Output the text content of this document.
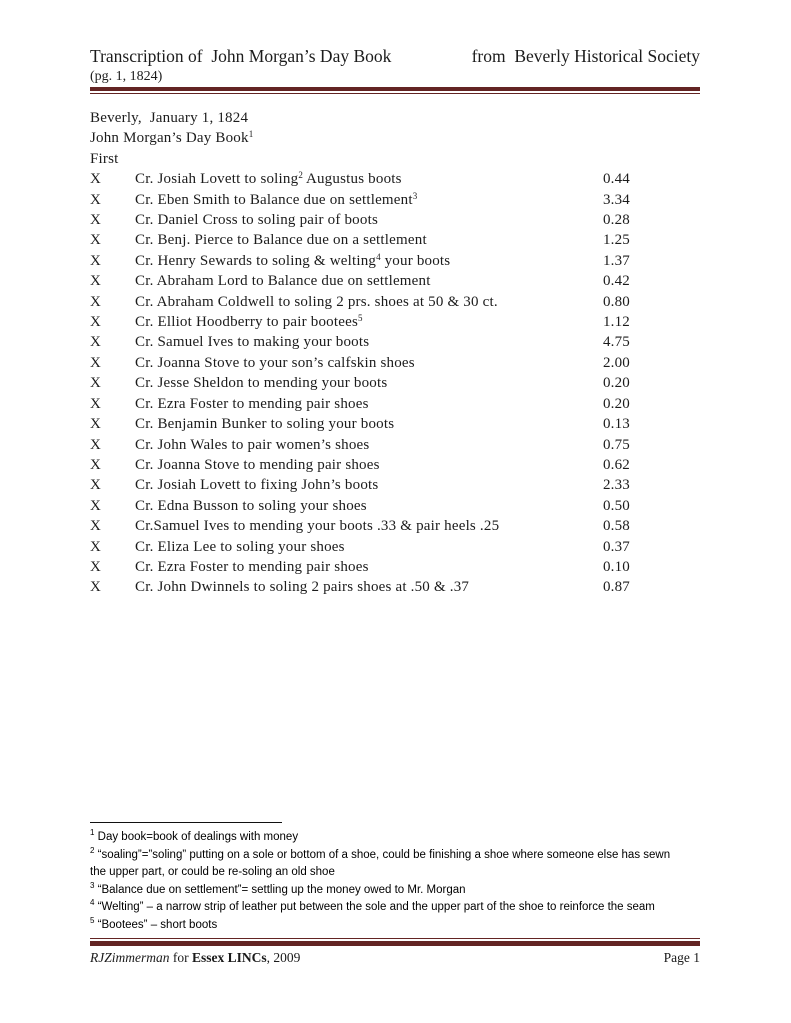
Transcription of  John Morgan’s Day Book	from  Beverly Historical Society
(pg. 1, 1824)
Beverly,  January 1, 1824
John Morgan’s Day Book$^1$
First
X	Cr. Josiah Lovett to soling$^2$ Augustus boots	0.44
X	Cr. Eben Smith to Balance due on settlement$^3$	3.34
X	Cr. Daniel Cross to soling pair of boots	0.28
X	Cr. Benj. Pierce to Balance due on a settlement	1.25
X	Cr. Henry Sewards to soling & welting$^4$ your boots	1.37
X	Cr. Abraham Lord to Balance due on settlement	0.42
X	Cr. Abraham Coldwell to soling 2 prs. shoes at 50 & 30 ct.	0.80
X	Cr. Elliot Hoodberry to pair bootees$^5$	1.12
X	Cr. Samuel Ives to making your boots	4.75
X	Cr. Joanna Stove to your son’s calfskin shoes	2.00
X	Cr. Jesse Sheldon to mending your boots	0.20
X	Cr. Ezra Foster to mending pair shoes	0.20
X	Cr. Benjamin Bunker to soling your boots	0.13
X	Cr. John Wales to pair women’s shoes	0.75
X	Cr. Joanna Stove to mending pair shoes	0.62
X	Cr. Josiah Lovett to fixing John’s boots	2.33
X	Cr. Edna Busson to soling your shoes	0.50
X	Cr.Samuel Ives to mending your boots .33 & pair heels .25	0.58
X	Cr. Eliza Lee to soling your shoes	0.37
X	Cr. Ezra Foster to mending pair shoes	0.10
X	Cr. John Dwinnels to soling 2 pairs shoes at .50 & .37	0.87
$^1$ Day book=book of dealings with money
$^2$ “soaling”=”soling” putting on a sole or bottom of a shoe, could be finishing a shoe where someone else has sewn
the upper part, or could be re-soling an old shoe
$^3$ “Balance due on settlement”= settling up the money owed to Mr. Morgan
$^4$ “Welting” – a narrow strip of leather put between the sole and the upper part of the shoe to reinforce the seam
$^5$ “Bootees” – short boots
RJZimmerman for Essex LINCs, 2009	Page 1
